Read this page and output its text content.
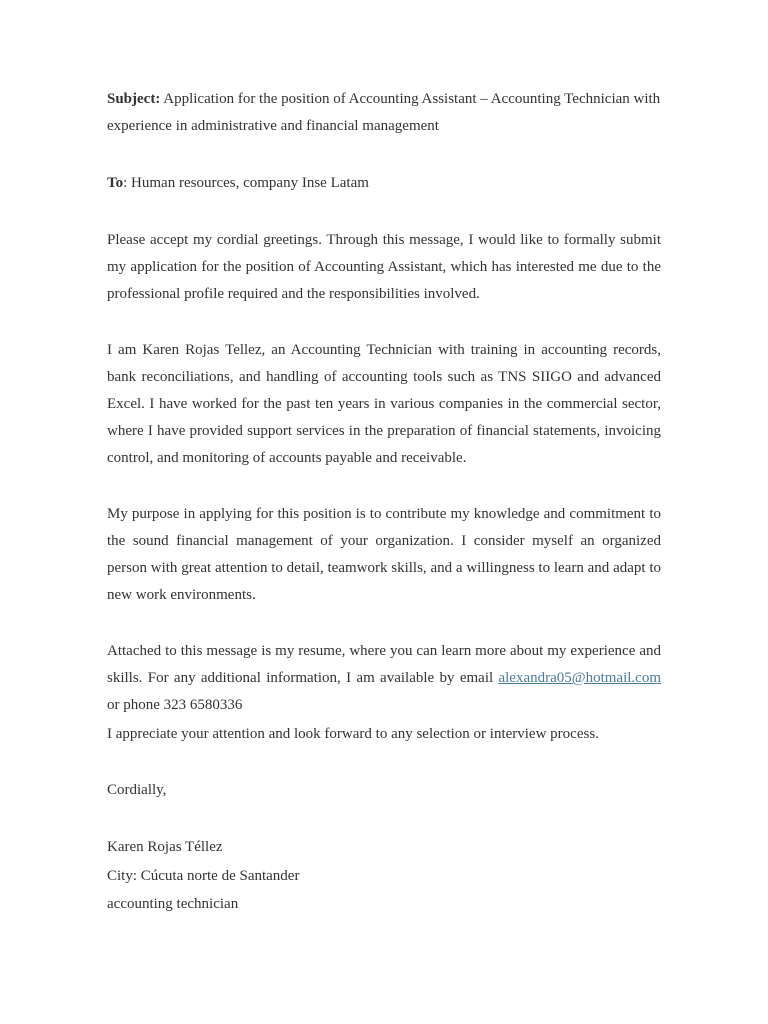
Subject: Application for the position of Accounting Assistant – Accounting Technician with experience in administrative and financial management

To: Human resources, company Inse Latam

Please accept my cordial greetings. Through this message, I would like to formally submit my application for the position of Accounting Assistant, which has interested me due to the professional profile required and the responsibilities involved.

I am Karen Rojas Tellez, an Accounting Technician with training in accounting records, bank reconciliations, and handling of accounting tools such as TNS SIIGO and advanced Excel. I have worked for the past ten years in various companies in the commercial sector, where I have provided support services in the preparation of financial statements, invoicing control, and monitoring of accounts payable and receivable.

My purpose in applying for this position is to contribute my knowledge and commitment to the sound financial management of your organization. I consider myself an organized person with great attention to detail, teamwork skills, and a willingness to learn and adapt to new work environments.

Attached to this message is my resume, where you can learn more about my experience and skills. For any additional information, I am available by email alexandra05@hotmail.com or phone 323 6580336

I appreciate your attention and look forward to any selection or interview process.

Cordially,

Karen Rojas Téllez

City: Cúcuta norte de Santander

accounting technician
